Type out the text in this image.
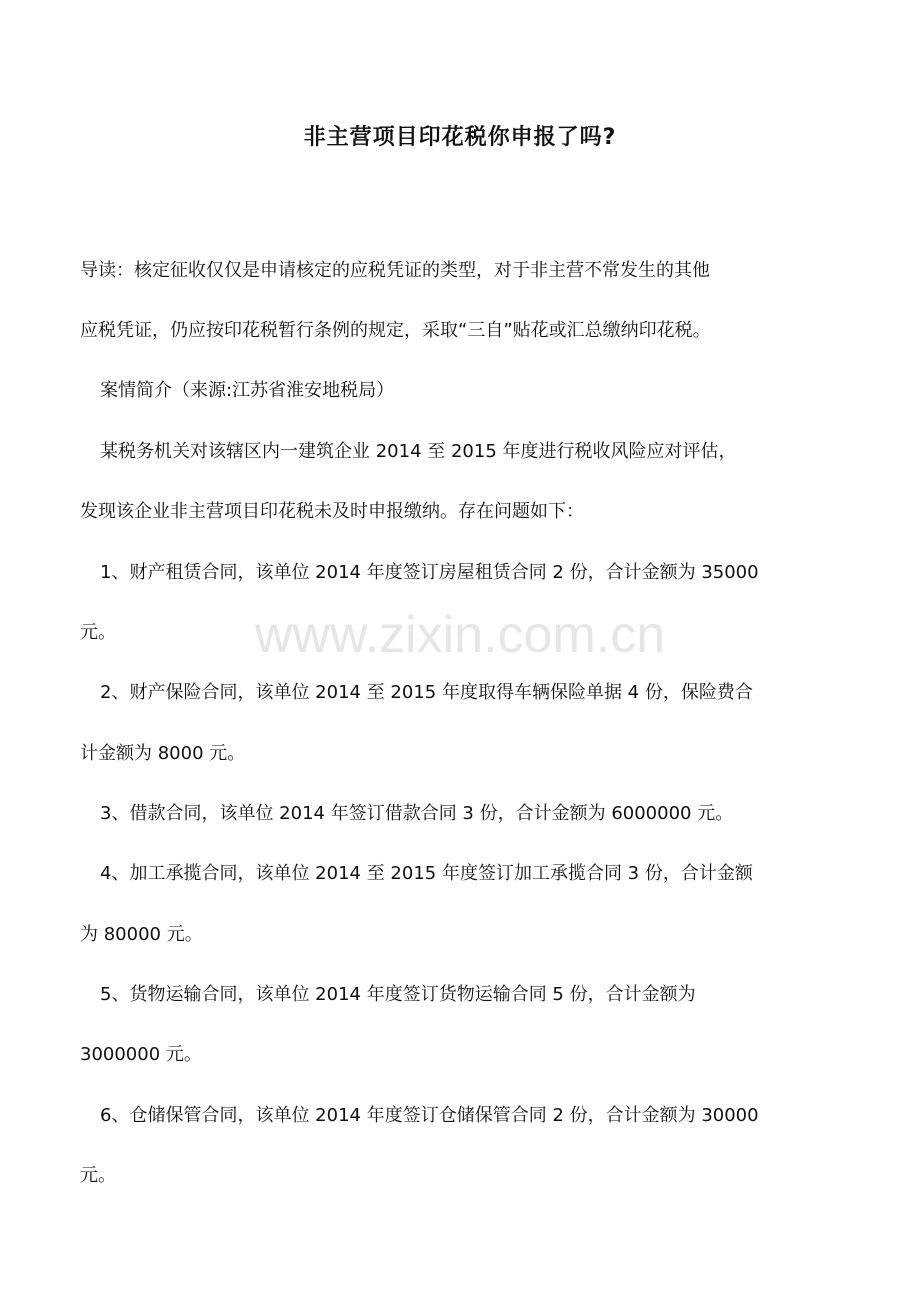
www.zixin.com.cn
非主营项目印花税你申报了吗?
导读：核定征收仅仅是申请核定的应税凭证的类型，对于非主营不常发生的其他
应税凭证，仍应按印花税暂行条例的规定，采取“三自”贴花或汇总缴纳印花税。
案情简介（来源:江苏省淮安地税局）
某税务机关对该辖区内一建筑企业 2014 至 2015 年度进行税收风险应对评估，
发现该企业非主营项目印花税未及时申报缴纳。存在问题如下：
1、财产租赁合同，该单位 2014 年度签订房屋租赁合同 2 份，合计金额为 35000
元。
2、财产保险合同，该单位 2014 至 2015 年度取得车辆保险单据 4 份，保险费合
计金额为 8000 元。
3、借款合同，该单位 2014 年签订借款合同 3 份，合计金额为 6000000 元。
4、加工承揽合同，该单位 2014 至 2015 年度签订加工承揽合同 3 份，合计金额
为 80000 元。
5、货物运输合同，该单位 2014 年度签订货物运输合同 5 份，合计金额为
3000000 元。
6、仓储保管合同，该单位 2014 年度签订仓储保管合同 2 份，合计金额为 30000
元。
